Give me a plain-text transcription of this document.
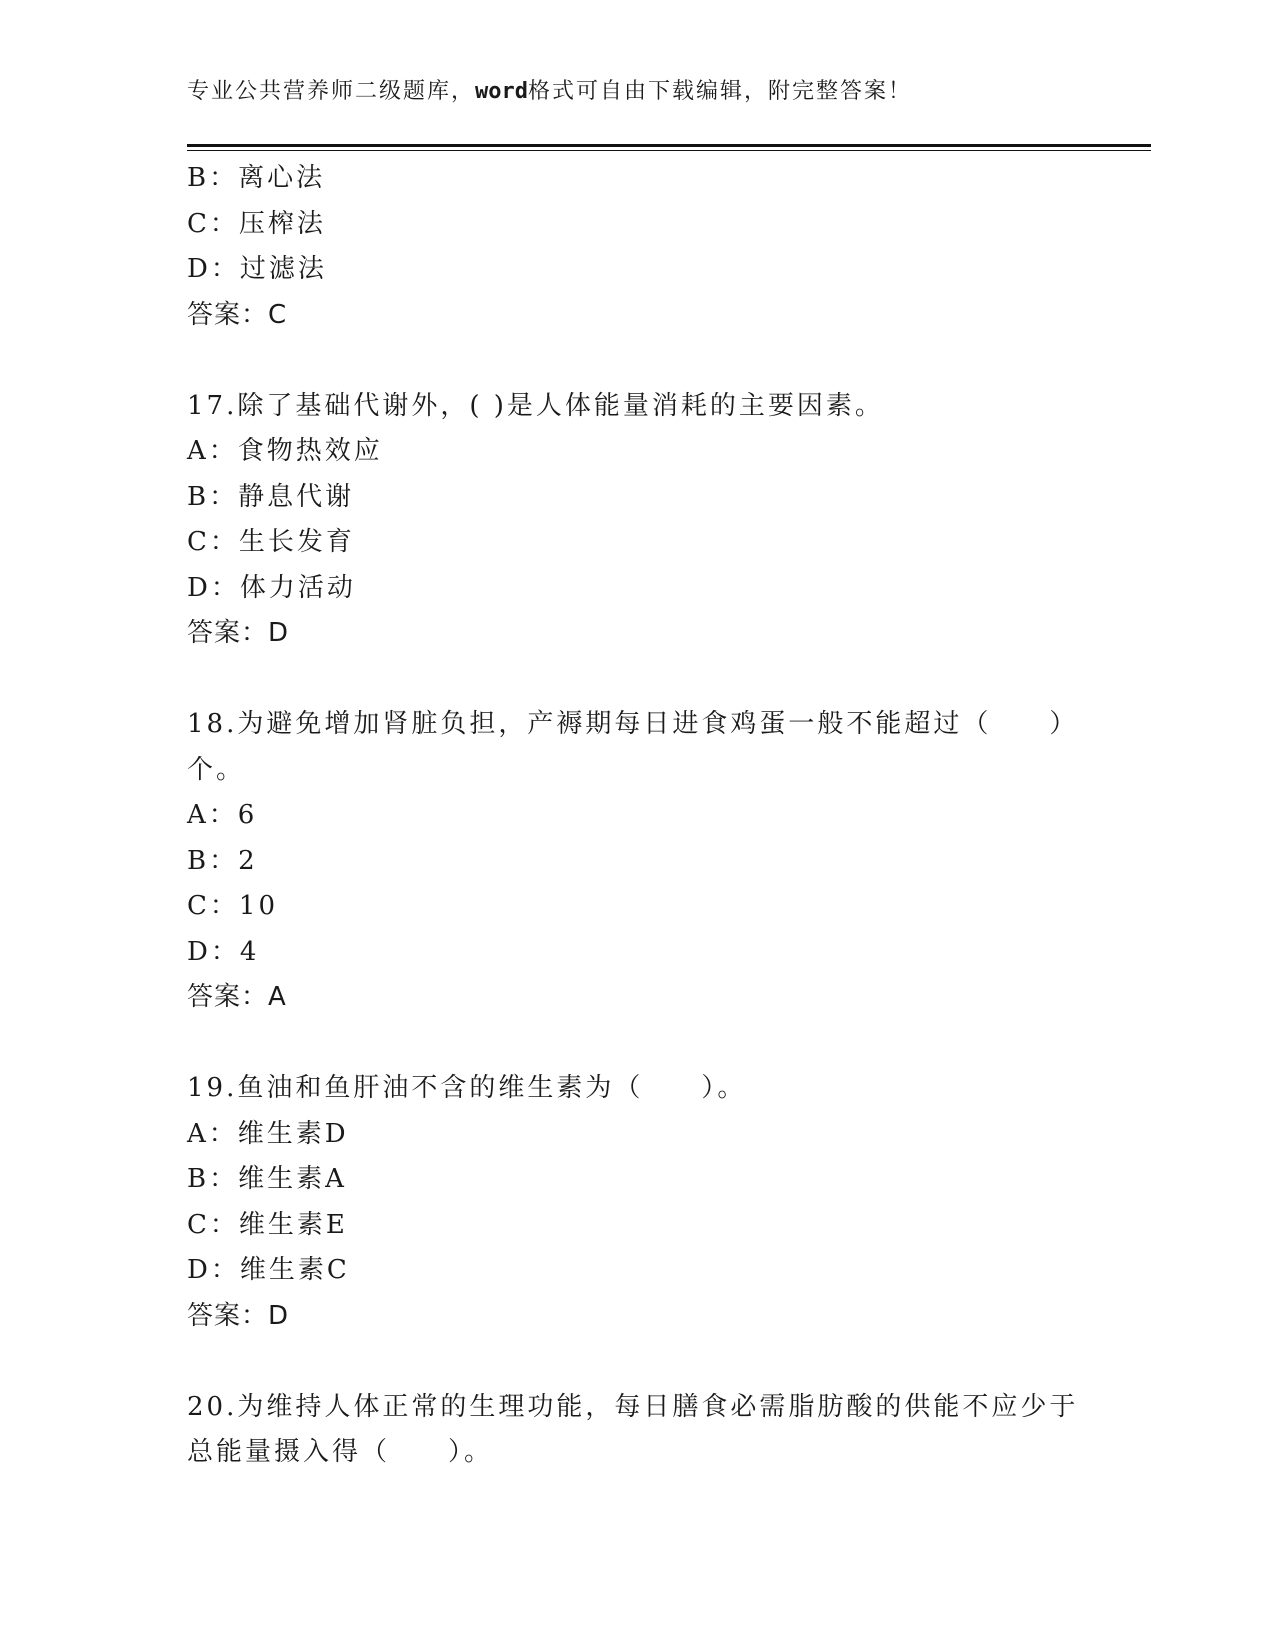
专业公共营养师二级题库，word格式可自由下载编辑，附完整答案！
B：离心法
C：压榨法
D：过滤法
答案：C
17.除了基础代谢外，( )是人体能量消耗的主要因素。
A：食物热效应
B：静息代谢
C：生长发育
D：体力活动
答案：D
18.为避免增加肾脏负担，产褥期每日进食鸡蛋一般不能超过（　　）
个。
A：6
B：2
C：10
D：4
答案：A
19.鱼油和鱼肝油不含的维生素为（　　）。
A：维生素D
B：维生素A
C：维生素E
D：维生素C
答案：D
20.为维持人体正常的生理功能，每日膳食必需脂肪酸的供能不应少于
总能量摄入得（　　）。
